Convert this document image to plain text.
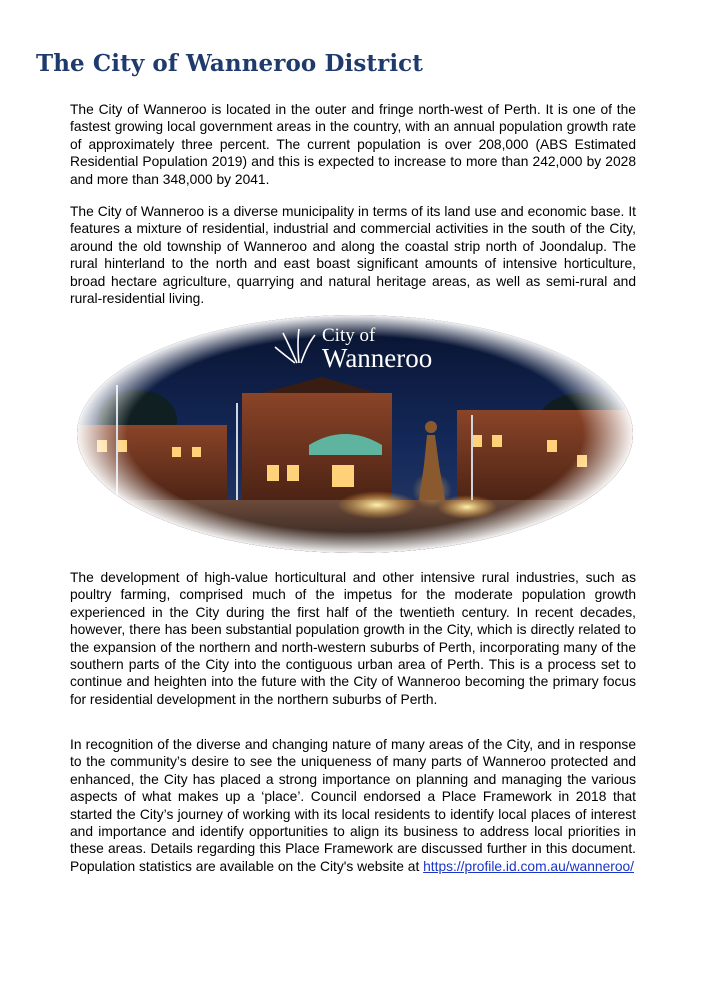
The City of Wanneroo District

The City of Wanneroo is located in the outer and fringe north-west of Perth. It is one of the fastest growing local government areas in the country, with an annual population growth rate of approximately three percent. The current population is over 208,000 (ABS Estimated Residential Population 2019) and this is expected to increase to more than 242,000 by 2028 and more than 348,000 by 2041.

The City of Wanneroo is a diverse municipality in terms of its land use and economic base. It features a mixture of residential, industrial and commercial activities in the south of the City, around the old township of Wanneroo and along the coastal strip north of Joondalup. The rural hinterland to the north and east boast significant amounts of intensive horticulture, broad hectare agriculture, quarrying and natural heritage areas, as well as semi-rural and rural-residential living.

City of
Wanneroo

The development of high-value horticultural and other intensive rural industries, such as poultry farming, comprised much of the impetus for the moderate population growth experienced in the City during the first half of the twentieth century. In recent decades, however, there has been substantial population growth in the City, which is directly related to the expansion of the northern and north-western suburbs of Perth, incorporating many of the southern parts of the City into the contiguous urban area of Perth. This is a process set to continue and heighten into the future with the City of Wanneroo becoming the primary focus for residential development in the northern suburbs of Perth.

In recognition of the diverse and changing nature of many areas of the City, and in response to the community’s desire to see the uniqueness of many parts of Wanneroo protected and enhanced, the City has placed a strong importance on planning and managing the various aspects of what makes up a ‘place’. Council endorsed a Place Framework in 2018 that started the City’s journey of working with its local residents to identify local places of interest and importance and identify opportunities to align its business to address local priorities in these areas. Details regarding this Place Framework are discussed further in this document. Population statistics are available on the City's website at https://profile.id.com.au/wanneroo/
